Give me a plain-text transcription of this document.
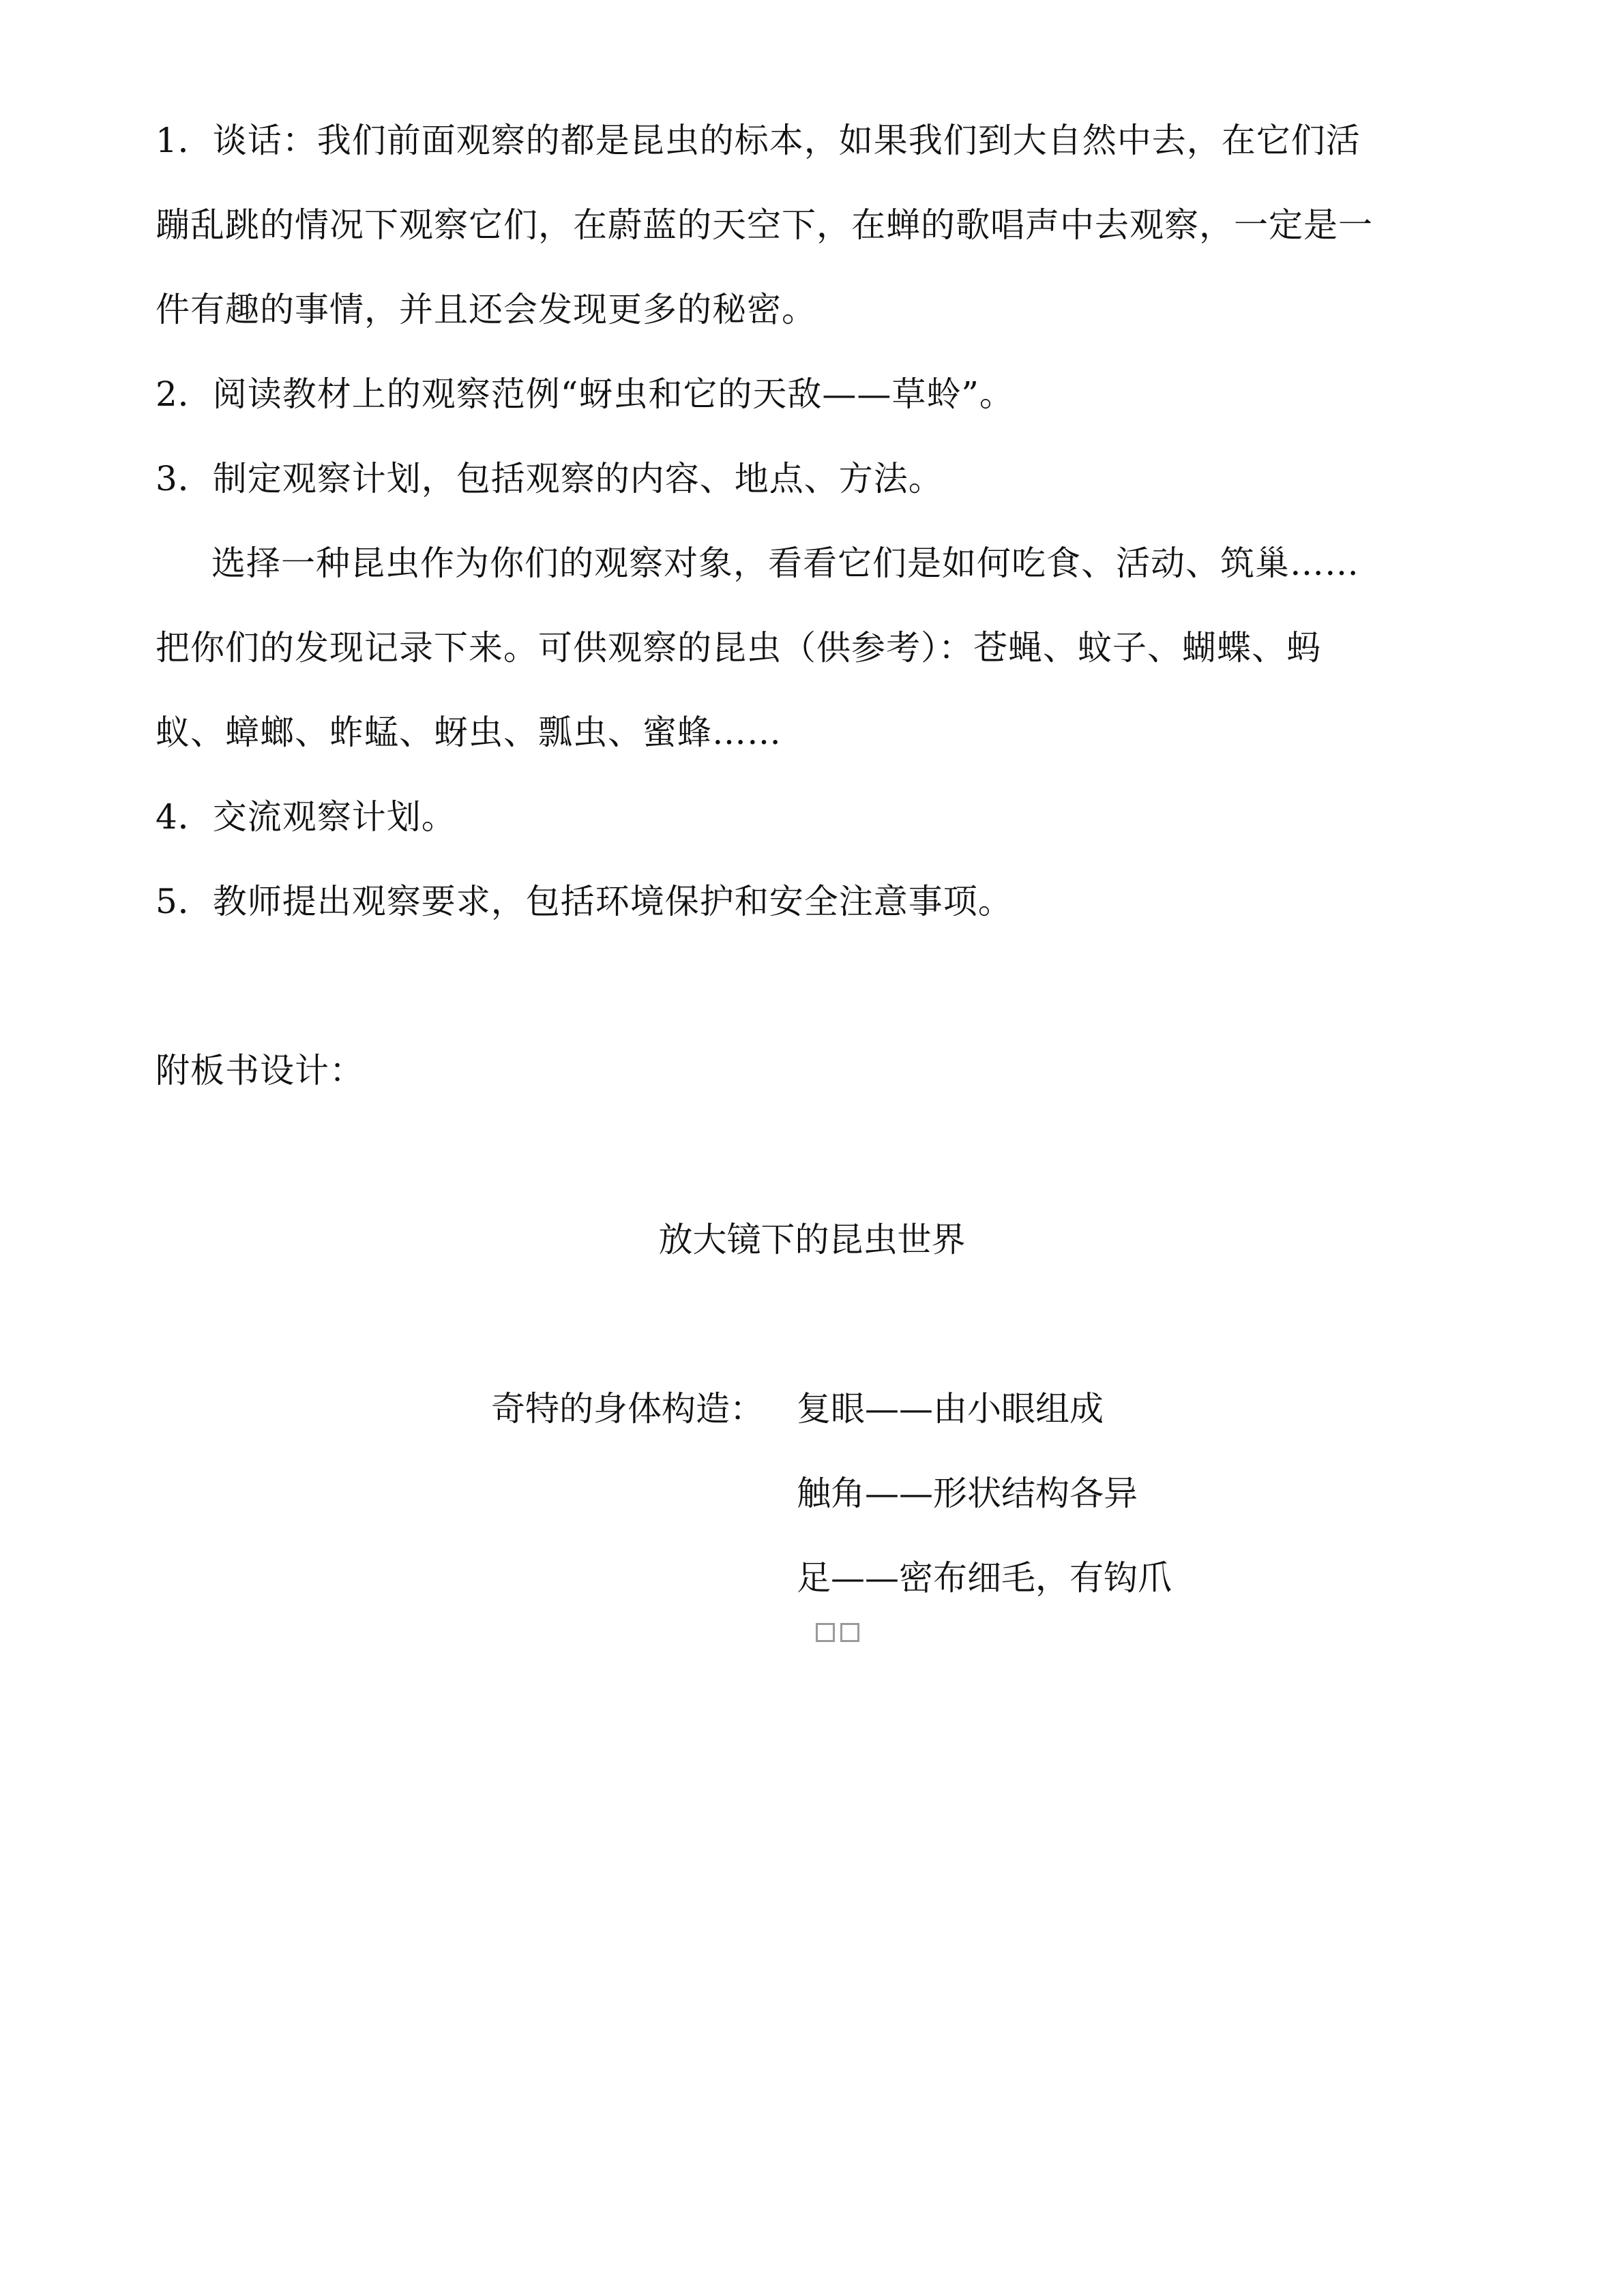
1．谈话：我们前面观察的都是昆虫的标本，如果我们到大自然中去，在它们活
蹦乱跳的情况下观察它们，在蔚蓝的天空下，在蝉的歌唱声中去观察，一定是一
件有趣的事情，并且还会发现更多的秘密。
2．阅读教材上的观察范例“蚜虫和它的天敌——草蛉”。
3．制定观察计划，包括观察的内容、地点、方法。
选择一种昆虫作为你们的观察对象，看看它们是如何吃食、活动、筑巢……
把你们的发现记录下来。可供观察的昆虫（供参考）：苍蝇、蚊子、蝴蝶、蚂
蚁、蟑螂、蚱蜢、蚜虫、瓢虫、蜜蜂……
4．交流观察计划。
5．教师提出观察要求，包括环境保护和安全注意事项。
附板书设计：
放大镜下的昆虫世界
奇特的身体构造： 复眼——由小眼组成
触角——形状结构各异
足——密布细毛，有钩爪
